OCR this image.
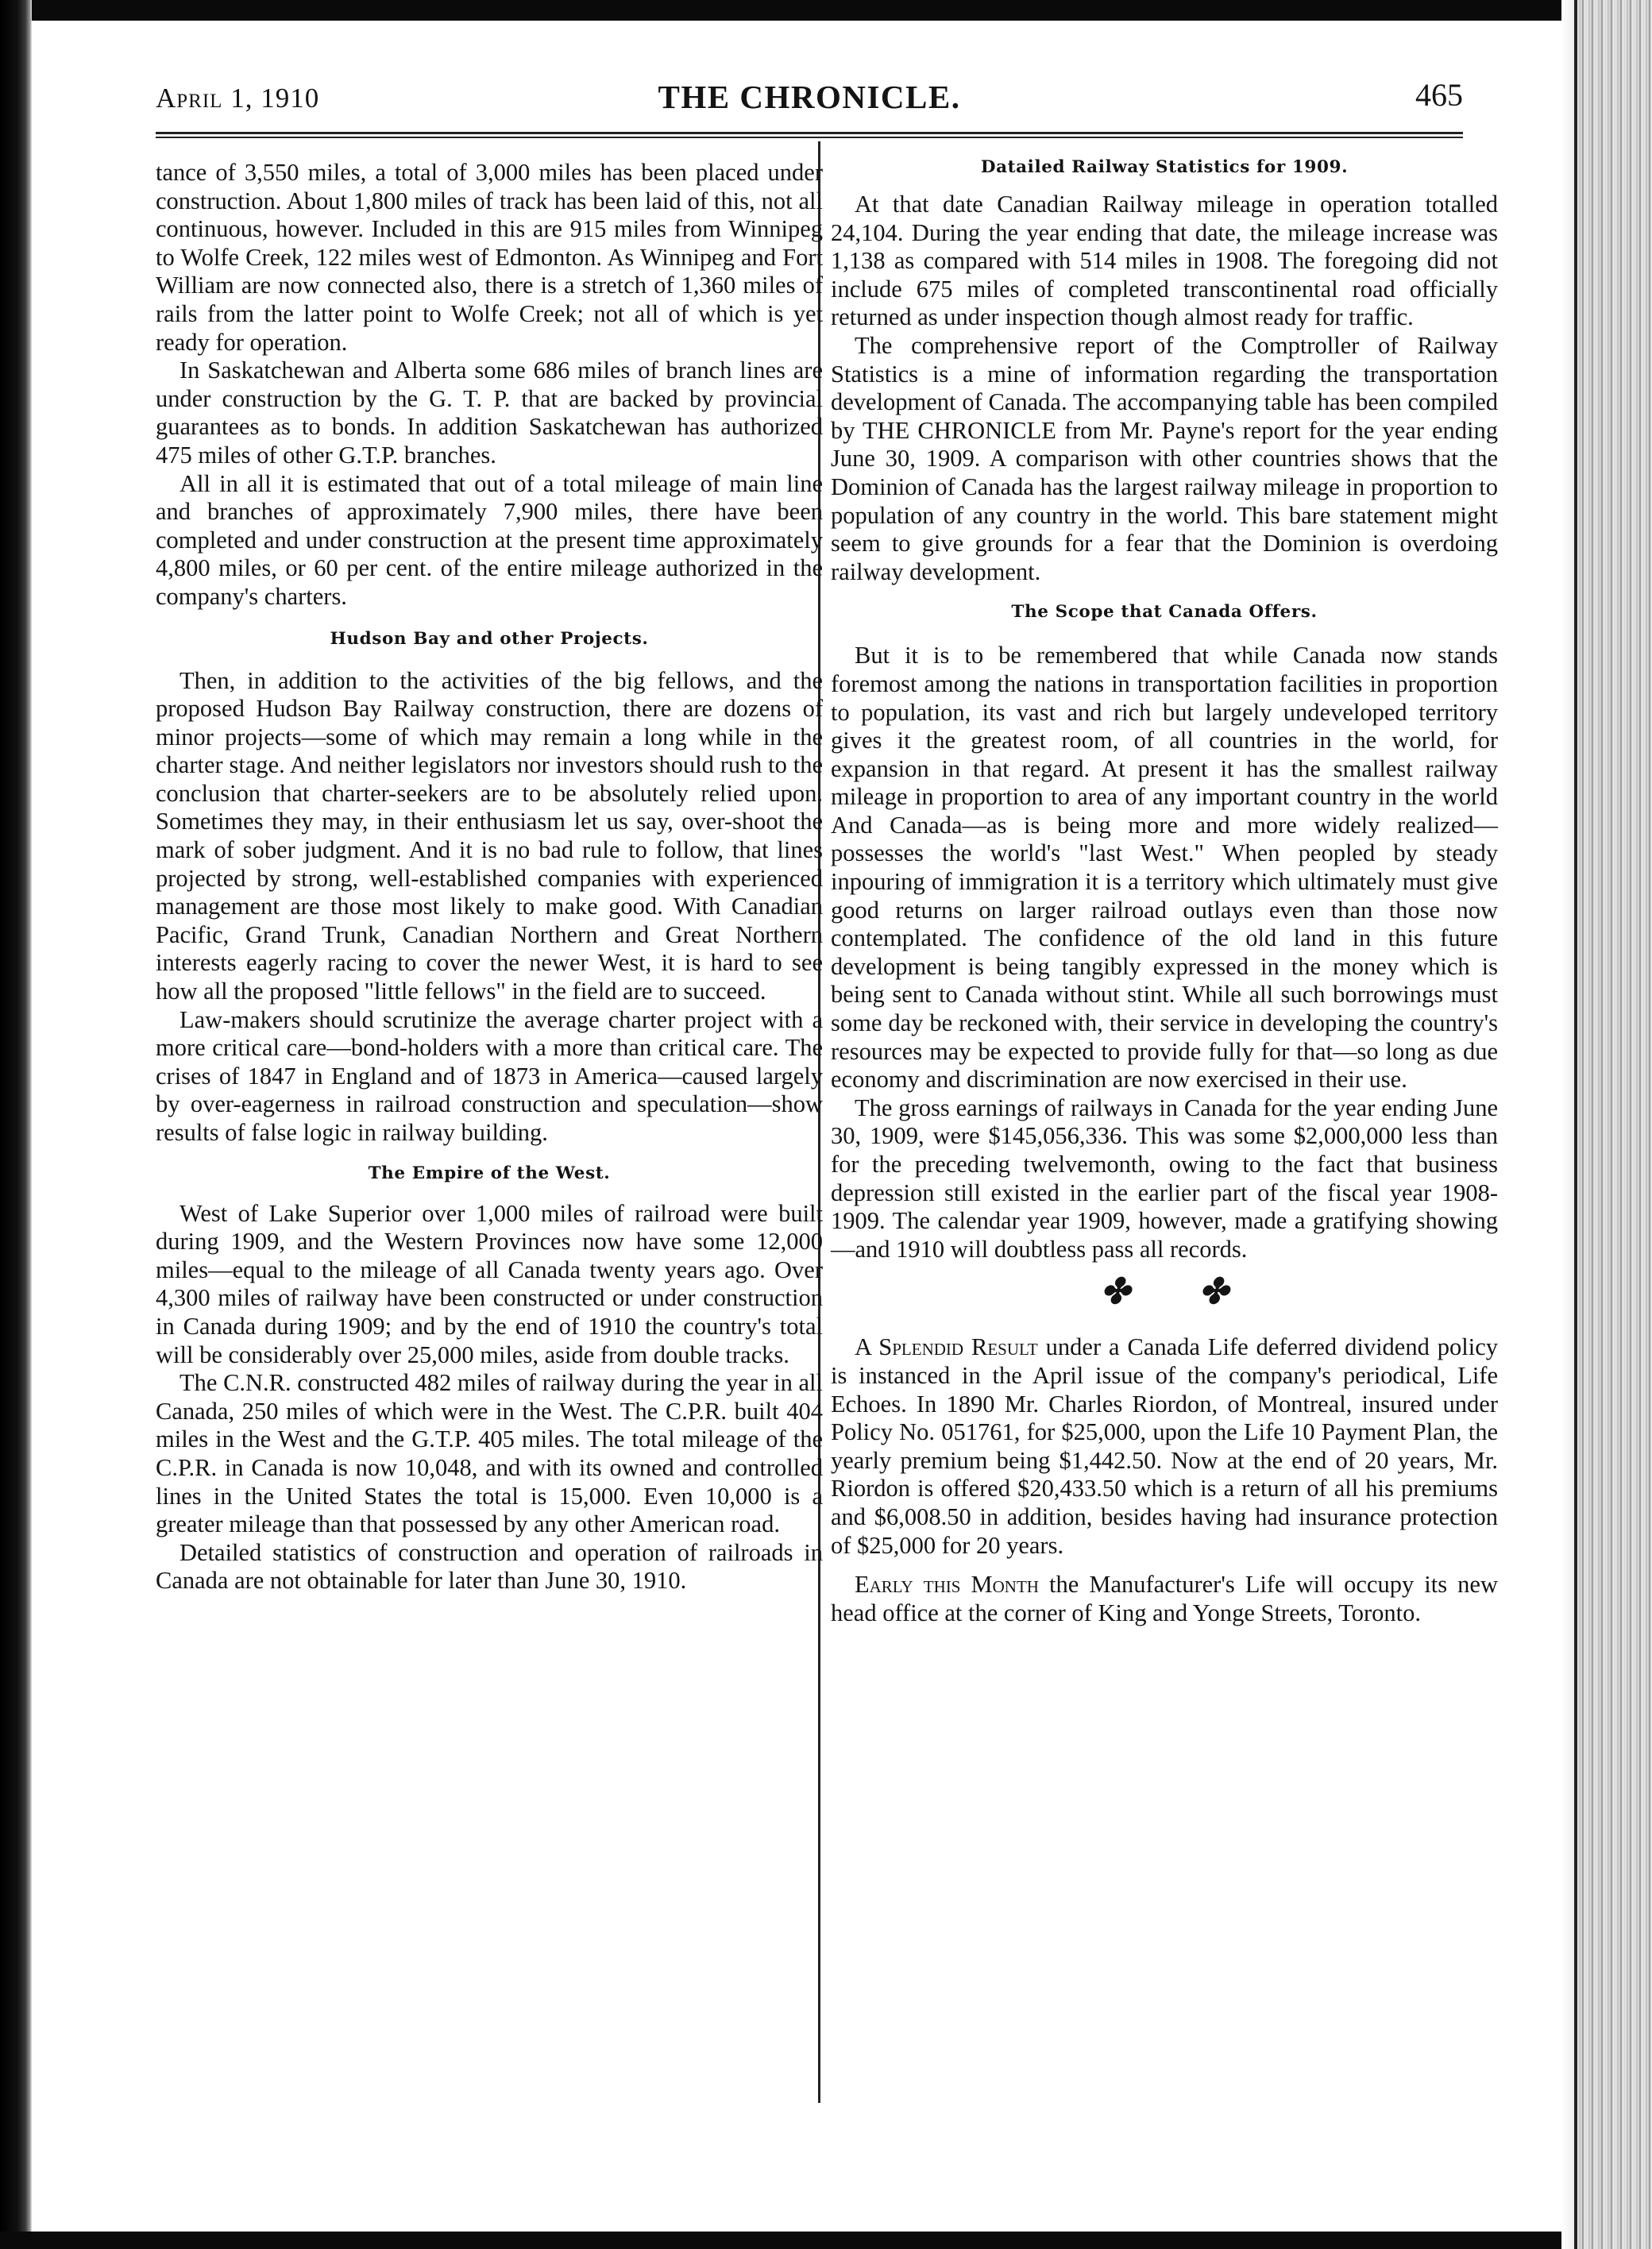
April 1, 1910	THE CHRONICLE.	465

tance of 3,550 miles, a total of 3,000 miles has been placed under construction. About 1,800 miles of track has been laid of this, not all continuous, however. Included in this are 915 miles from Winnipeg to Wolfe Creek, 122 miles west of Edmonton. As Winnipeg and Fort William are now connected also, there is a stretch of 1,360 miles of rails from the latter point to Wolfe Creek; not all of which is yet ready for operation.

In Saskatchewan and Alberta some 686 miles of branch lines are under construction by the G. T. P. that are backed by provincial guarantees as to bonds. In addition Saskatchewan has authorized 475 miles of other G.T.P. branches.

All in all it is estimated that out of a total mileage of main line and branches of approximately 7,900 miles, there have been completed and under construction at the present time approximately 4,800 miles, or 60 per cent. of the entire mileage authorized in the company's charters.

Hudson Bay and other Projects.

Then, in addition to the activities of the big fellows, and the proposed Hudson Bay Railway construction, there are dozens of minor projects—some of which may remain a long while in the charter stage. And neither legislators nor investors should rush to the conclusion that charter-seekers are to be absolutely relied upon. Sometimes they may, in their enthusiasm let us say, over-shoot the mark of sober judgment. And it is no bad rule to follow, that lines projected by strong, well-established companies with experienced management are those most likely to make good. With Canadian Pacific, Grand Trunk, Canadian Northern and Great Northern interests eagerly racing to cover the newer West, it is hard to see how all the proposed "little fellows" in the field are to succeed.

Law-makers should scrutinize the average charter project with a more critical care—bond-holders with a more than critical care. The crises of 1847 in England and of 1873 in America—caused largely by over-eagerness in railroad construction and speculation—show results of false logic in railway building.

The Empire of the West.

West of Lake Superior over 1,000 miles of railroad were built during 1909, and the Western Provinces now have some 12,000 miles—equal to the mileage of all Canada twenty years ago. Over 4,300 miles of railway have been constructed or under construction in Canada during 1909; and by the end of 1910 the country's total will be considerably over 25,000 miles, aside from double tracks.

The C.N.R. constructed 482 miles of railway during the year in all Canada, 250 miles of which were in the West. The C.P.R. built 404 miles in the West and the G.T.P. 405 miles. The total mileage of the C.P.R. in Canada is now 10,048, and with its owned and controlled lines in the United States the total is 15,000. Even 10,000 is a greater mileage than that possessed by any other American road.

Detailed statistics of construction and operation of railroads in Canada are not obtainable for later than June 30, 1910.

Datailed Railway Statistics for 1909.

At that date Canadian Railway mileage in operation totalled 24,104. During the year ending that date, the mileage increase was 1,138 as compared with 514 miles in 1908. The foregoing did not include 675 miles of completed transcontinental road officially returned as under inspection though almost ready for traffic.

The comprehensive report of the Comptroller of Railway Statistics is a mine of information regarding the transportation development of Canada. The accompanying table has been compiled by THE CHRONICLE from Mr. Payne's report for the year ending June 30, 1909. A comparison with other countries shows that the Dominion of Canada has the largest railway mileage in proportion to population of any country in the world. This bare statement might seem to give grounds for a fear that the Dominion is overdoing railway development.

The Scope that Canada Offers.

But it is to be remembered that while Canada now stands foremost among the nations in transportation facilities in proportion to population, its vast and rich but largely undeveloped territory gives it the greatest room, of all countries in the world, for expansion in that regard. At present it has the smallest railway mileage in proportion to area of any important country in the world And Canada—as is being more and more widely realized—possesses the world's "last West." When peopled by steady inpouring of immigration it is a territory which ultimately must give good returns on larger railroad outlays even than those now contemplated. The confidence of the old land in this future development is being tangibly expressed in the money which is being sent to Canada without stint. While all such borrowings must some day be reckoned with, their service in developing the country's resources may be expected to provide fully for that—so long as due economy and discrimination are now exercised in their use.

The gross earnings of railways in Canada for the year ending June 30, 1909, were $145,056,336. This was some $2,000,000 less than for the preceding twelvemonth, owing to the fact that business depression still existed in the earlier part of the fiscal year 1908-1909. The calendar year 1909, however, made a gratifying showing—and 1910 will doubtless pass all records.

✤ ✤

A Splendid Result under a Canada Life deferred dividend policy is instanced in the April issue of the company's periodical, Life Echoes. In 1890 Mr. Charles Riordon, of Montreal, insured under Policy No. 051761, for $25,000, upon the Life 10 Payment Plan, the yearly premium being $1,442.50. Now at the end of 20 years, Mr. Riordon is offered $20,433.50 which is a return of all his premiums and $6,008.50 in addition, besides having had insurance protection of $25,000 for 20 years.

Early this Month the Manufacturer's Life will occupy its new head office at the corner of King and Yonge Streets, Toronto.
